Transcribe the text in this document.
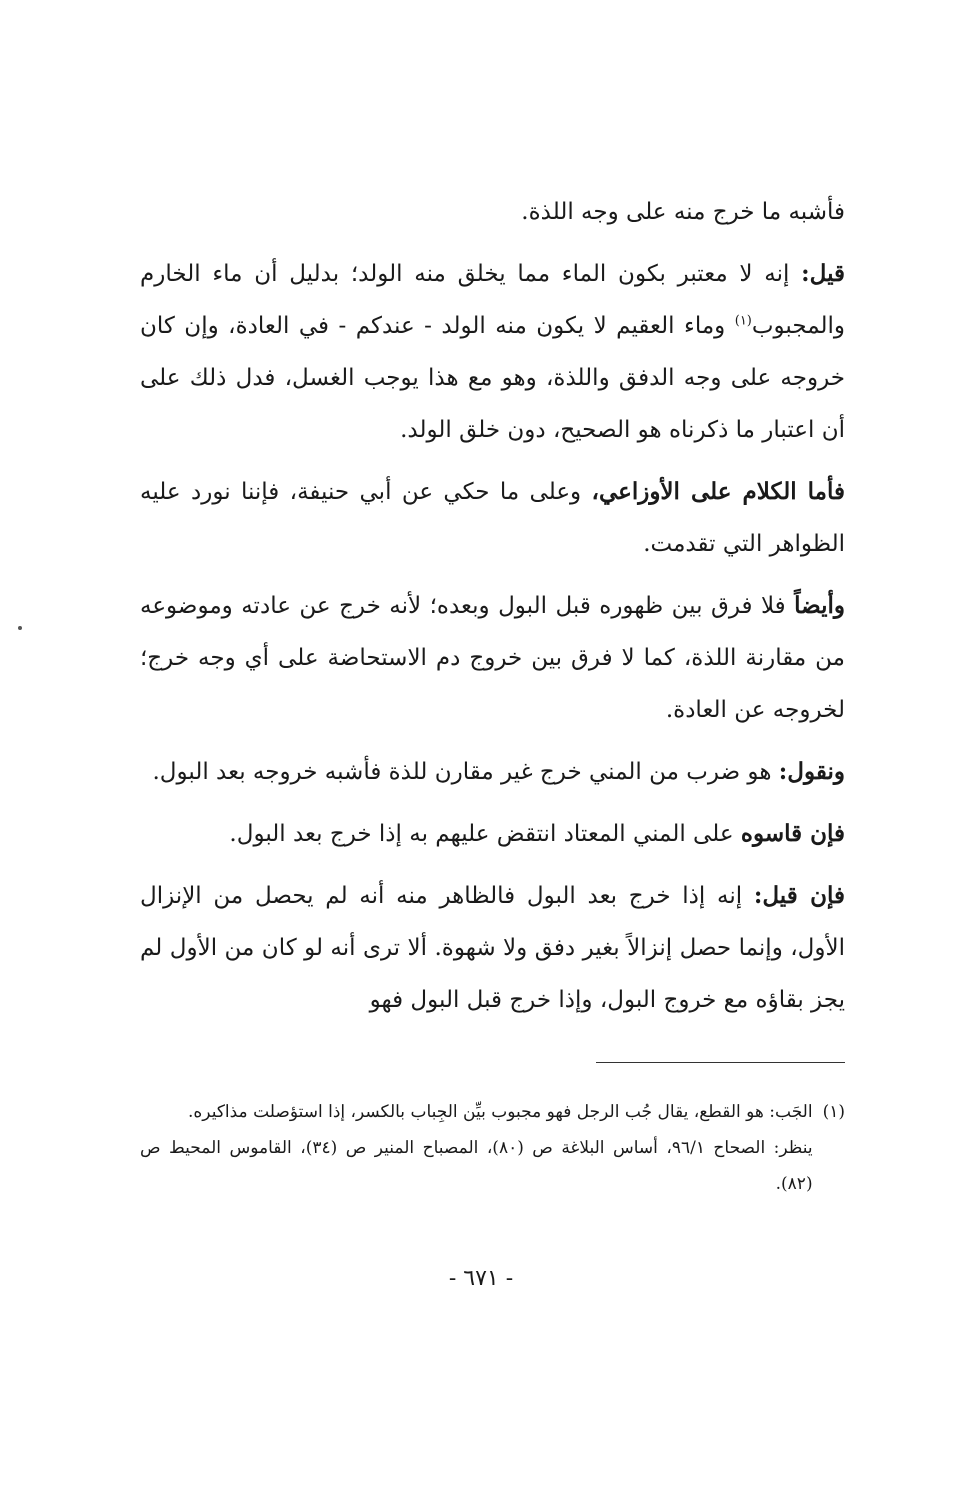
فأشبه ما خرج منه على وجه اللذة.

قيل: إنه لا معتبر بكون الماء مما يخلق منه الولد؛ بدليل أن ماء الخارم والمجبوب$^{(١)}$ وماء العقيم لا يكون منه الولد - عندكم - في العادة، وإن كان خروجه على وجه الدفق واللذة، وهو مع هذا يوجب الغسل، فدل ذلك على أن اعتبار ما ذكرناه هو الصحيح، دون خلق الولد.

فأما الكلام على الأوزاعي، وعلى ما حكي عن أبي حنيفة، فإننا نورد عليه الظواهر التي تقدمت.

وأيضاً فلا فرق بين ظهوره قبل البول وبعده؛ لأنه خرج عن عادته وموضوعه من مقارنة اللذة، كما لا فرق بين خروج دم الاستحاضة على أي وجه خرج؛ لخروجه عن العادة.

ونقول: هو ضرب من المني خرج غير مقارن للذة فأشبه خروجه بعد البول.

فإن قاسوه على المني المعتاد انتقض عليهم به إذا خرج بعد البول.

فإن قيل: إنه إذا خرج بعد البول فالظاهر منه أنه لم يحصل من الإنزال الأول، وإنما حصل إنزالاً بغير دفق ولا شهوة. ألا ترى أنه لو كان من الأول لم يجز بقاؤه مع خروج البول، وإذا خرج قبل البول فهو

(١)

الجَب: هو القطع، يقال جُب الرجل فهو مجبوب بيِّن الجِباب بالكسر، إذا استؤصلت مذاكيره.

ينظر: الصحاح ٩٦/١، أساس البلاغة ص (٨٠)، المصباح المنير ص (٣٤)، القاموس المحيط ص (٨٢).

- ٦٧١ -
